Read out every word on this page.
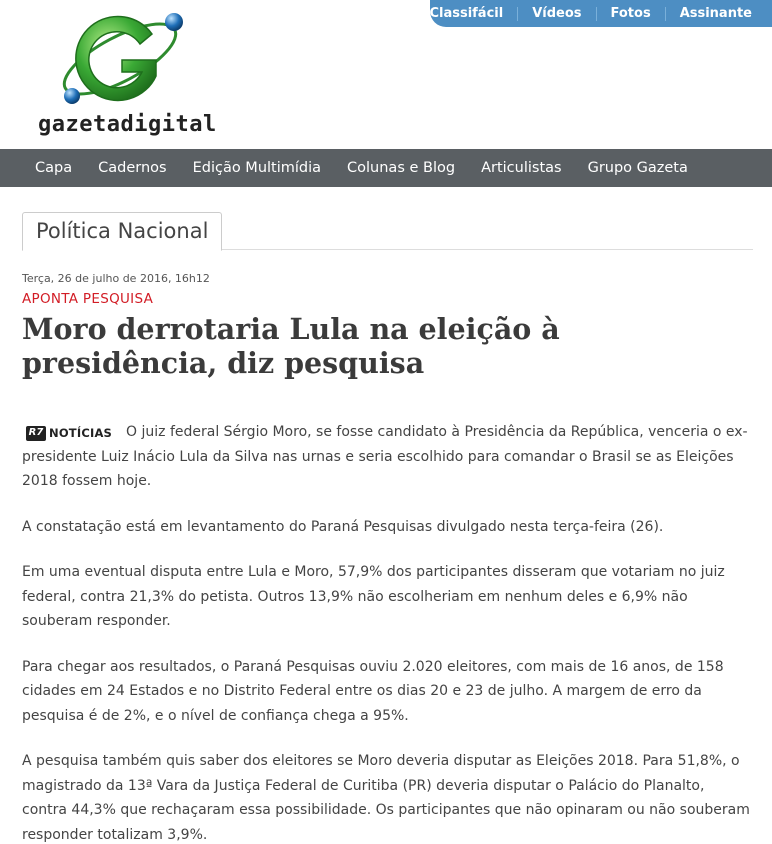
gazetadigital
Classifácil	Vídeos	Fotos	Assinante
Capa	Cadernos	Edição Multimídia	Colunas e Blog	Articulistas	Grupo Gazeta
Política Nacional
Terça, 26 de julho de 2016, 16h12
APONTA PESQUISA
Moro derrotaria Lula na eleição à presidência, diz pesquisa

R7 NOTÍCIAS O juiz federal Sérgio Moro, se fosse candidato à Presidência da República, venceria o ex-presidente Luiz Inácio Lula da Silva nas urnas e seria escolhido para comandar o Brasil se as Eleições 2018 fossem hoje.

A constatação está em levantamento do Paraná Pesquisas divulgado nesta terça-feira (26).

Em uma eventual disputa entre Lula e Moro, 57,9% dos participantes disseram que votariam no juiz federal, contra 21,3% do petista. Outros 13,9% não escolheriam em nenhum deles e 6,9% não souberam responder.

Para chegar aos resultados, o Paraná Pesquisas ouviu 2.020 eleitores, com mais de 16 anos, de 158 cidades em 24 Estados e no Distrito Federal entre os dias 20 e 23 de julho. A margem de erro da pesquisa é de 2%, e o nível de confiança chega a 95%.

A pesquisa também quis saber dos eleitores se Moro deveria disputar as Eleições 2018. Para 51,8%, o magistrado da 13ª Vara da Justiça Federal de Curitiba (PR) deveria disputar o Palácio do Planalto, contra 44,3% que rechaçaram essa possibilidade. Os participantes que não opinaram ou não souberam responder totalizam 3,9%.
